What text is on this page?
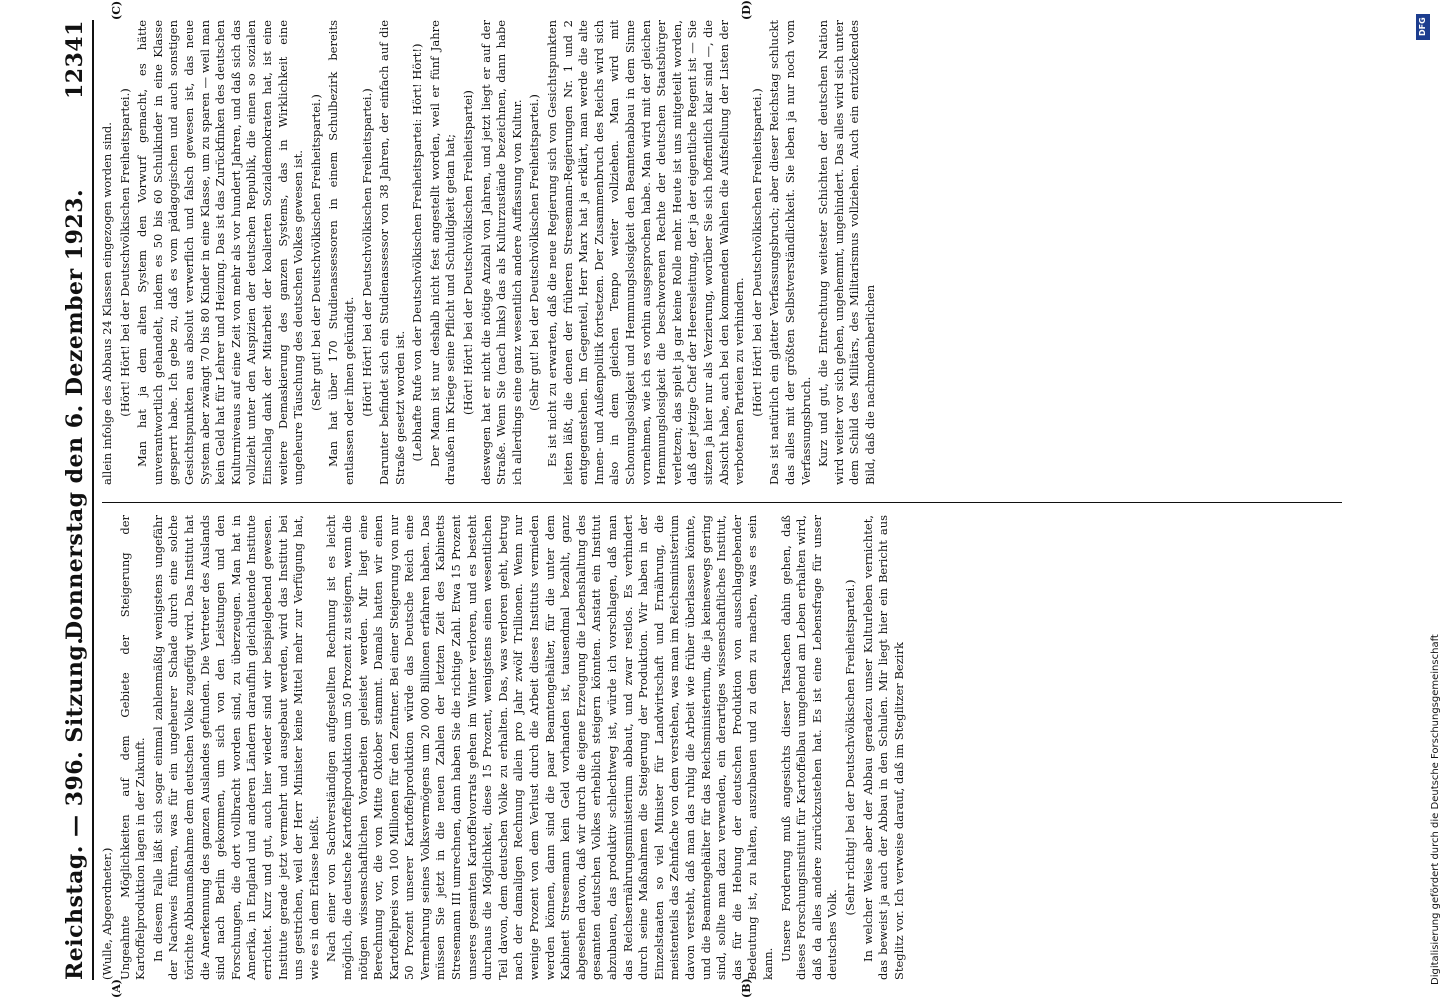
Reichstag. — 396. Sitzung.
Donnerstag den 6. Dezember 1923.
12341

(Wulle, Abgeordneter.) Ungeahnte Möglichkeiten auf dem Gebiete der Steigerung der Kartoffelproduktion lagen in der Zukunft. In diesem Falle läßt sich sogar einmal zahlenmäßig wenigstens ungefähr der Nachweis führen, was für ein ungeheurer Schade durch eine solche törichte Abbaumaßnahme dem deutschen Volke zugefügt wird. Das Institut hat die Anerkennung des ganzen Auslandes gefunden. Die Vertreter des Auslands sind nach Berlin gekommen, um sich von den Leistungen und den Forschungen, die dort vollbracht worden sind, zu überzeugen. Man hat in Amerika, in England und anderen Ländern daraufhin gleichlautende Institute errichtet. Kurz und gut, auch hier wieder sind wir beispielgebend gewesen. Institute gerade jetzt vermehrt und ausgebaut werden, wird das Institut bei uns gestrichen, weil der Herr Minister keine Mittel mehr zur Verfügung hat, wie es in dem Erlasse heißt. Nach einer von Sachverständigen aufgestellten Rechnung ist es leicht möglich, die deutsche Kartoffelproduktion um 50 Prozent zu steigern, wenn die nötigen wissenschaftlichen Vorarbeiten geleistet werden. Mir liegt eine Berechnung vor, die von Mitte Oktober stammt. Damals hatten wir einen Kartoffelpreis von 100 Millionen für den Zentner. Bei einer Steigerung von nur 50 Prozent unserer Kartoffelproduktion würde das Deutsche Reich eine Vermehrung seines Volksvermögens um 20 000 Billionen erfahren haben. Das müssen Sie jetzt in die neuen Zahlen der letzten Zeit des Kabinetts Stresemann III umrechnen, dann haben Sie die richtige Zahl. Etwa 15 Prozent unseres gesamten Kartoffelvorrats gehen im Winter verloren, und es besteht durchaus die Möglichkeit, diese 15 Prozent, wenigstens einen wesentlichen Teil davon, dem deutschen Volke zu erhalten. Das, was verloren geht, betrug nach der damaligen Rechnung allein pro Jahr zwölf Trillionen. Wenn nur wenige Prozent von dem Verlust durch die Arbeit dieses Instituts vermieden werden können, dann sind die paar Beamtengehälter, für die unter dem Kabinett Stresemann kein Geld vorhanden ist, tausendmal bezahlt, ganz abgesehen davon, daß wir durch die eigene Erzeugung die Lebenshaltung des gesamten deutschen Volkes erheblich steigern könnten. Anstatt ein Institut abzubauen, das produktiv schlechtweg ist, würde ich vorschlagen, daß man das Reichsernährungsministerium abbaut, und zwar restlos. Es verhindert durch seine Maßnahmen die Steigerung der Produktion. Wir haben in der Einzelstaaten so viel Minister für Landwirtschaft und Ernährung, die meistenteils das Zehnfache von dem verstehen, was man im Reichsministerium davon versteht, daß man das ruhig die Arbeit wie früher überlassen könnte, und die Beamtengehälter für das Reichsministerium, die ja keineswegs gering sind, sollte man dazu verwenden, ein derartiges wissenschaftliches Institut, das für die Hebung der deutschen Produktion von ausschlaggebender Bedeutung ist, zu halten, auszubauen und zu dem zu machen, was es sein kann.

Unsere Forderung muß angesichts dieser Tatsachen dahin gehen, daß dieses Forschungsinstitut für Kartoffelbau umgehend am Leben erhalten wird, daß da alles andere zurückzustehen hat. Es ist eine Lebensfrage für unser deutsches Volk.

(Sehr richtig! bei der Deutschvölkischen Freiheitspartei.) In welcher Weise aber der Abbau geradezu unser Kulturleben vernichtet, das beweist ja auch der Abbau in den Schulen. Mir liegt hier ein Bericht aus Steglitz vor. Ich verweise darauf, daß im Steglitzer Bezirk

allein infolge des Abbaus 24 Klassen eingezogen worden sind. (Hört! Hört! bei der Deutschvölkischen Freiheitspartei.) Man hat ja dem alten System den Vorwurf gemacht, es hätte unverantwortlich gehandelt, indem es 50 bis 60 Schulkinder in eine Klasse gesperrt habe. Ich gebe zu, daß es vom pädagogischen und auch sonstigen Gesichtspunkten aus absolut verwerflich und falsch gewesen ist, das neue System aber zwängt 70 bis 80 Kinder in eine Klasse, um zu sparen — weil man kein Geld hat für Lehrer und Heizung. Das ist das Zurückfinken des deutschen Kulturniveaus auf eine Zeit von mehr als vor hundert Jahren, und daß sich das vollzieht unter den Auspizien der deutschen Republik, die einen so sozialen Einschlag dank der Mitarbeit der koalierten Sozialdemokraten hat, ist eine weitere Demaskierung des ganzen Systems, das in Wirklichkeit eine ungeheure Täuschung des deutschen Volkes gewesen ist. (Sehr gut! bei der Deutschvölkischen Freiheitspartei.) Man hat über 170 Studienassessoren in einem Schulbezirk bereits entlassen oder ihnen gekündigt. (Hört! Hört! bei der Deutschvölkischen Freiheitspartei.) Darunter befindet sich ein Studienassessor von 38 Jahren, der einfach auf die Straße gesetzt worden ist. (Lebhafte Rufe von der Deutschvölkischen Freiheitspartei: Hört! Hört!) Der Mann ist nur deshalb nicht fest angestellt worden, weil er fünf Jahre draußen im Kriege seine Pflicht und Schuldigkeit getan hat; (Hört! Hört! bei der Deutschvölkischen Freiheitspartei) deswegen hat er nicht die nötige Anzahl von Jahren, und jetzt liegt er auf der Straße. Wenn Sie (nach links) das als Kulturzustände bezeichnen, dann habe ich allerdings eine ganz wesentlich andere Auffassung von Kultur. (Sehr gut! bei der Deutschvölkischen Freiheitspartei.) Es ist nicht zu erwarten, daß die neue Regierung sich von Gesichtspunkten leiten läßt, die denen der früheren Stresemann-Regierungen Nr. 1 und 2 entgegenstehen. Im Gegenteil, Herr Marx hat ja erklärt, man werde die alte Innen- und Außenpolitik fortsetzen. Der Zusammenbruch des Reichs wird sich also in dem gleichen Tempo weiter vollziehen. Man wird mit Schonungslosigkeit und Hemmungslosigkeit den Beamtenabbau in dem Sinne vornehmen, wie ich es vorhin ausgesprochen habe. Man wird mit der gleichen Hemmungslosigkeit die beschworenen Rechte der deutschen Staatsbürger verletzen; das spielt ja gar keine Rolle mehr. Heute ist uns mitgeteilt worden, daß der jetzige Chef der Heeresleitung, der ja der eigentliche Regent ist — Sie sitzen ja hier nur als Verzierung, worüber Sie sich hoffentlich klar sind —, die Absicht habe, auch bei den kommenden Wahlen die Aufstellung der Listen der verbotenen Parteien zu verhindern. (Hört! Hört! bei der Deutschvölkischen Freiheitspartei.) Das ist natürlich ein glatter Verfassungsbruch; aber dieser Reichstag schluckt das alles mit der größten Selbstverständlichkeit. Sie leben ja nur noch vom Verfassungsbruch. Kurz und gut, die Entrechtung weitester Schichten der deutschen Nation wird weiter vor sich gehen, ungehemmt, ungehindert. Das alles wird sich unter dem Schild des Militärs, des Militarismus vollziehen. Auch ein entzückendes Bild, daß die nachmodenberlichen

(A)	(B)
(C)	(D)
DFG
Digitalisierung gefördert durch die Deutsche Forschungsgemeinschaft
